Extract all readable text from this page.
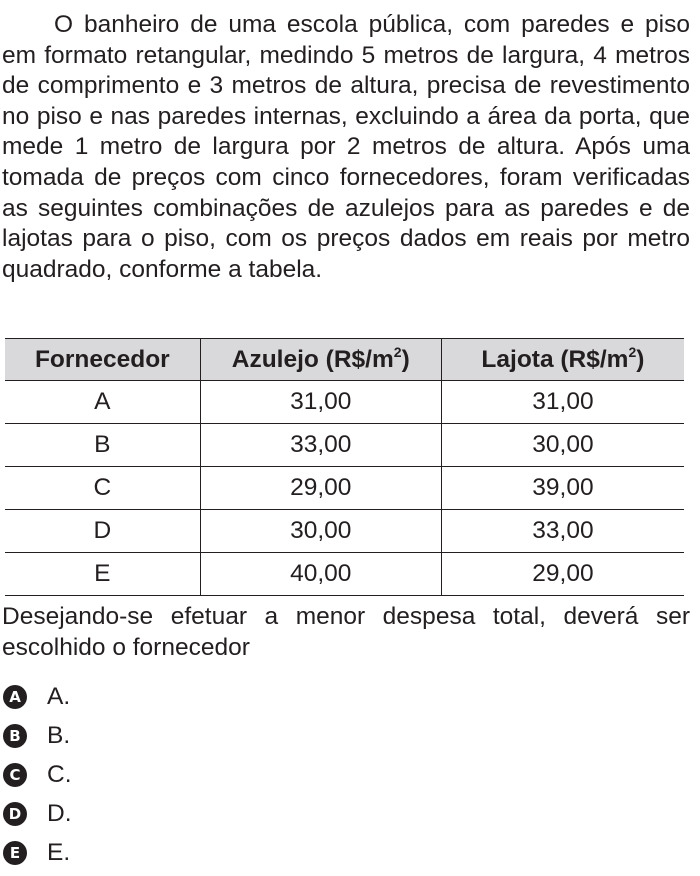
O banheiro de uma escola pública, com paredes e piso em formato retangular, medindo 5 metros de largura, 4 metros de comprimento e 3 metros de altura, precisa de revestimento no piso e nas paredes internas, excluindo a área da porta, que mede 1 metro de largura por 2 metros de altura. Após uma tomada de preços com cinco fornecedores, foram verificadas as seguintes combinações de azulejos para as paredes e de lajotas para o piso, com os preços dados em reais por metro quadrado, conforme a tabela.

Fornecedor	Azulejo $(R\$/m^2)$	Lajota $(R\$/m^2)$
A	31,00	31,00
B	33,00	30,00
C	29,00	39,00
D	30,00	33,00
E	40,00	29,00

Desejando-se efetuar a menor despesa total, deverá ser escolhido o fornecedor

A A.
B B.
C C.
D D.
E E.
